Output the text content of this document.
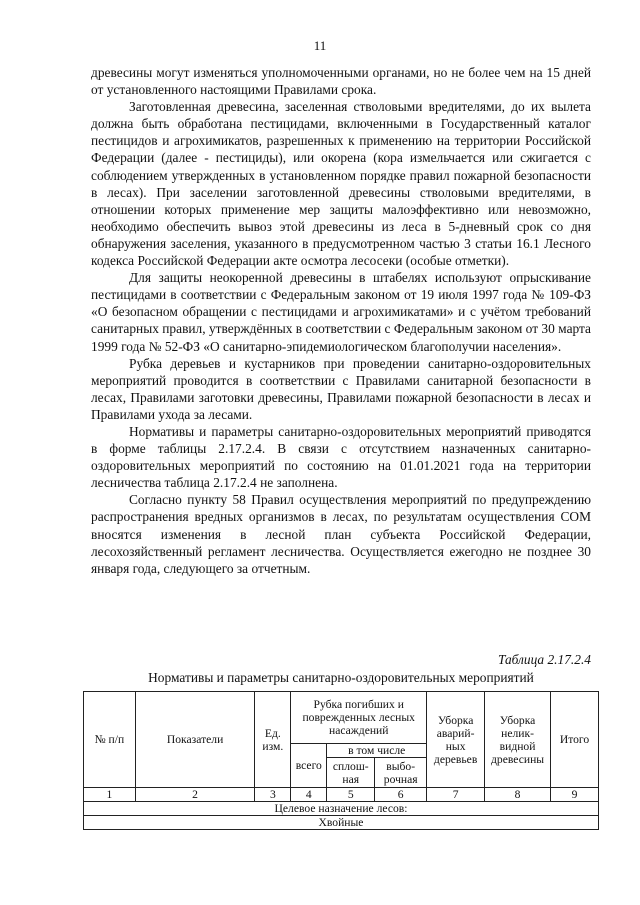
11

древесины могут изменяться уполномоченными органами, но не более чем на 15 дней от установленного настоящими Правилами срока.

Заготовленная древесина, заселенная стволовыми вредителями, до их вылета должна быть обработана пестицидами, включенными в Государственный каталог пестицидов и агрохимикатов, разрешенных к применению на территории Российской Федерации (далее - пестициды), или окорена (кора измельчается или сжигается с соблюдением утвержденных в установленном порядке правил пожарной безопасности в лесах). При заселении заготовленной древесины стволовыми вредителями, в отношении которых применение мер защиты малоэффективно или невозможно, необходимо обеспечить вывоз этой древесины из леса в 5-дневный срок со дня обнаружения заселения, указанного в предусмотренном частью 3 статьи 16.1 Лесного кодекса Российской Федерации акте осмотра лесосеки (особые отметки).

Для защиты неокоренной древесины в штабелях используют опрыскивание пестицидами в соответствии с Федеральным законом от 19 июля 1997 года № 109-ФЗ «О безопасном обращении с пестицидами и агрохимикатами» и с учётом требований санитарных правил, утверждённых в соответствии с Федеральным законом от 30 марта 1999 года № 52-ФЗ «О санитарно-эпидемиологическом благополучии населения».

Рубка деревьев и кустарников при проведении санитарно-оздоровительных мероприятий проводится в соответствии с Правилами санитарной безопасности в лесах, Правилами заготовки древесины, Правилами пожарной безопасности в лесах и Правилами ухода за лесами.

Нормативы и параметры санитарно-оздоровительных мероприятий приводятся в форме таблицы 2.17.2.4. В связи с отсутствием назначенных санитарно-оздоровительных мероприятий по состоянию на 01.01.2021 года на территории лесничества таблица 2.17.2.4 не заполнена.

Согласно пункту 58 Правил осуществления мероприятий по предупреждению распространения вредных организмов в лесах, по результатам осуществления СОМ вносятся изменения в лесной план субъекта Российской Федерации, лесохозяйственный регламент лесничества. Осуществляется ежегодно не позднее 30 января года, следующего за отчетным.

Таблица 2.17.2.4
Нормативы и параметры санитарно-оздоровительных мероприятий
№ п/п	Показатели	Ед. изм.	Рубка погибших и поврежденных лесных насаждений			Уборка аварий-ных деревьев	Уборка нелик-видной древесины	Итого
			всего	в том числе				
				сплош-ная	выбо-рочная			
1	2	3	4	5	6	7	8	9
Целевое назначение лесов:								
Хвойные								
